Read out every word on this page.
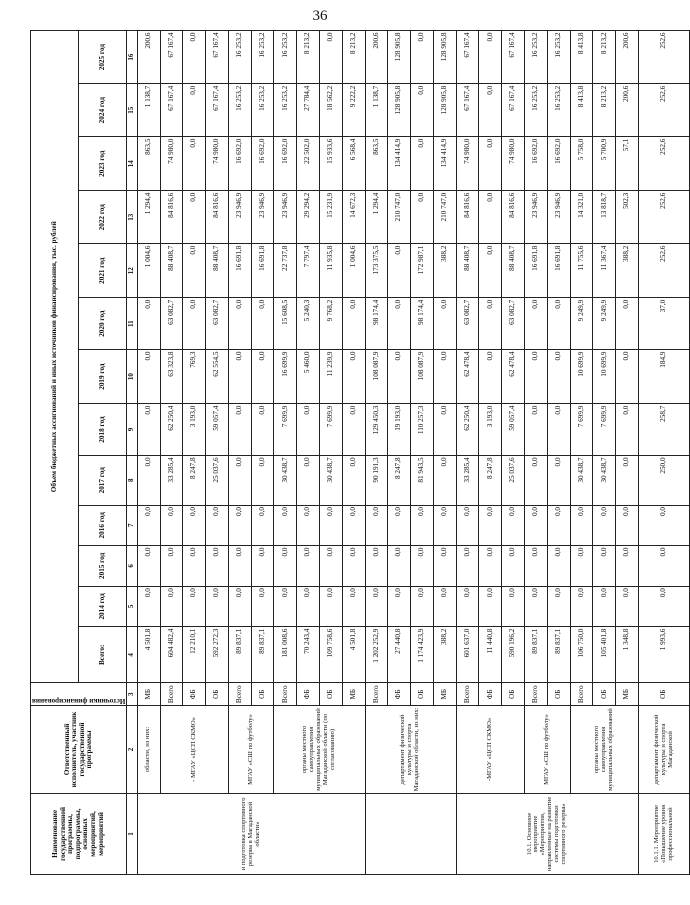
36
Наименование государственной программы, подпрограммы, основных мероприятий, мероприятий	Ответственный исполнитель, участник государственной программы	Источники финансирования	Объем бюджетных ассигнований и иных источников финансирования, тыс. рублей												
			Всего:	2014 год	2015 год	2016 год	2017 год	2018 год	2019 год	2020 год	2021 год	2022 год	2023 год	2024 год	2025 год
1	2	3	4	5	6	7	8	9	10	11	12	13	14	15	16
и подготовка спортивного резерва в Магаданской области»	области, из них:	МБ	4 501,8	0,0	0,0	0,0	0,0	0,0	0,0	0,0	1 004,6	1 294,4	863,5	1 138,7	200,6
	- МГАУ «ЦСП СКМО»	Всего	604 482,4	0,0	0,0	0,0	33 285,4	62 250,4	63 323,8	63 082,7	88 408,7	84 816,6	74 980,0	67 167,4	67 167,4
		ФБ	12 210,1	0,0	0,0	0,0	8 247,8	3 193,0	769,3	0,0	0,0	0,0	0,0	0,0	0,0
		ОБ	592 272,3	0,0	0,0	0,0	25 037,6	59 057,4	62 554,5	63 082,7	88 408,7	84 816,6	74 980,0	67 167,4	67 167,4
	МГАУ «СШ по футболу»	Всего	89 837,1	0,0	0,0	0,0	0,0	0,0	0,0	0,0	16 691,8	23 946,9	16 692,0	16 253,2	16 253,2
		ОБ	89 837,1	0,0	0,0	0,0	0,0	0,0	0,0	0,0	16 691,8	23 946,9	16 692,0	16 253,2	16 253,2
	органы местного самоуправления муниципальных образований Магаданской области (по согласованию)	Всего	181 008,6	0,0	0,0	0,0	30 438,7	7 699,9	16 699,9	15 608,5	22 737,8	23 946,9	16 692,0	16 253,2	16 253,2
		ФБ	70 243,4	0,0	0,0	0,0	0,0	0,0	5 460,0	5 240,3	7 797,4	29 294,2	22 502,0	27 784,4	8 213,2
		ОБ	109 758,6	0,0	0,0	0,0	30 438,7	7 699,9	11 239,9	9 768,2	11 935,8	15 231,9	15 933,6	18 562,2	0,0
		МБ	4 501,8	0,0	0,0	0,0	0,0	0,0	0,0	0,0	1 004,6	14 672,3	6 568,4	9 222,2	8 213,2
	департамент физической культуры и спорта Магаданской области, из них:	Всего	1 202 252,9	0,0	0,0	0,0	90 191,3	129 450,3	108 087,9	98 174,4	173 375,5	1 294,4	863,5	1 138,7	200,6
		ФБ	27 440,8	0,0	0,0	0,0	8 247,8	19 193,0	0,0	0,0	0,0	210 747,0	134 414,9	128 905,8	128 905,8
		ОБ	1 174 423,9	0,0	0,0	0,0	81 943,5	110 257,3	108 087,9	98 174,4	172 987,1	0,0	0,0	0,0	0,0
		МБ	388,2	0,0	0,0	0,0	0,0	0,0	0,0	0,0	388,2	210 747,0	134 414,9	128 905,8	128 905,8
10.1. Основное мероприятие «Мероприятия, направленные на развитие системы подготовки спортивного резерва»	-МГАУ «ЦСП СКМО»	Всего	601 637,0	0,0	0,0	0,0	33 285,4	62 250,4	62 478,4	63 082,7	88 408,7	84 816,6	74 980,0	67 167,4	67 167,4
		ФБ	11 440,8	0,0	0,0	0,0	8 247,8	3 193,0	0,0	0,0	0,0	0,0	0,0	0,0	0,0
		ОБ	590 196,2	0,0	0,0	0,0	25 037,6	59 057,4	62 478,4	63 082,7	88 408,7	84 816,6	74 980,0	67 167,4	67 167,4
	МГАУ «СШ по футболу»	Всего	89 837,1	0,0	0,0	0,0	0,0	0,0	0,0	0,0	16 691,8	23 946,9	16 692,0	16 253,2	16 253,2
		ОБ	89 837,1	0,0	0,0	0,0	0,0	0,0	0,0	0,0	16 691,8	23 946,9	16 692,0	16 253,2	16 253,2
	органы местного самоуправления муниципальных образований	Всего	106 750,0	0,0	0,0	0,0	30 438,7	7 699,9	10 699,9	9 249,9	11 755,6	14 321,0	5 758,0	8 413,8	8 413,8
		ОБ	105 401,8	0,0	0,0	0,0	30 438,7	7 699,9	10 699,9	9 249,9	11 367,4	13 818,7	5 700,9	8 213,2	8 213,2
		МБ	1 348,8	0,0	0,0	0,0	0,0	0,0	0,0	0,0	388,2	502,3	57,1	200,6	200,6
10.1.1. Мероприятие «Повышение уровня профессиональной	департамент физической культуры и спорта Магаданской	ОБ	1 993,6	0,0	0,0	0,0	250,0	258,7	184,9	37,0	252,6	252,6	252,6	252,6	252,6
